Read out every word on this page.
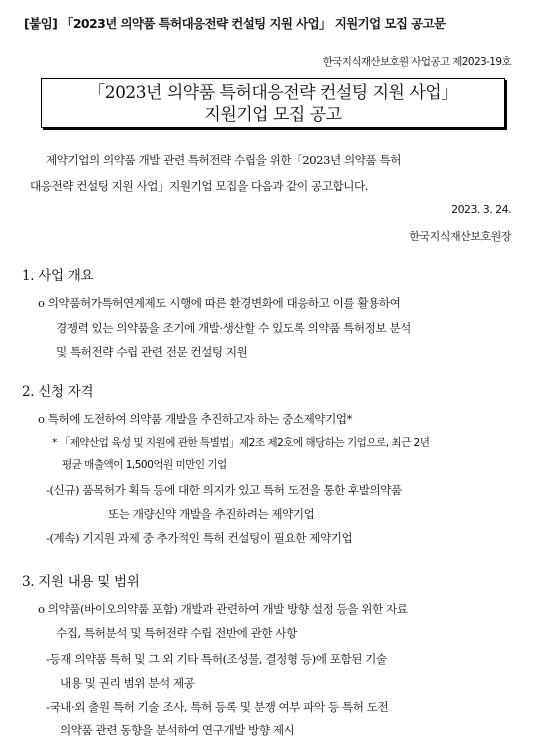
[붙임] 「2023년 의약품 특허대응전략 컨설팅 지원 사업」 지원기업 모집 공고문
한국지식재산보호원 사업공고 제2023-19호
「2023년 의약품 특허대응전략 컨설팅 지원 사업」
지원기업 모집 공고
제약기업의 의약품 개발 관련 특허전략 수립을 위한「2023년 의약품 특허
대응전략 컨설팅 지원 사업」지원기업 모집을 다음과 같이 공고합니다.
2023. 3. 24.
한국지식재산보호원장
1. 사업 개요
o 의약품허가특허연계제도 시행에 따른 환경변화에 대응하고 이를 활용하여
경쟁력 있는 의약품을 조기에 개발·생산할 수 있도록 의약품 특허정보 분석
및 특허전략 수립 관련 전문 컨설팅 지원
2. 신청 자격
o 특허에 도전하여 의약품 개발을 추진하고자 하는 중소제약기업*
* 「제약산업 육성 및 지원에 관한 특별법」제2조 제2호에 해당하는 기업으로, 최근 2년
평균 매출액이 1,500억원 미만인 기업
-(신규) 품목허가 획득 등에 대한 의지가 있고 특허 도전을 통한 후발의약품
또는 개량신약 개발을 추진하려는 제약기업
-(계속) 기지원 과제 중 추가적인 특허 컨설팅이 필요한 제약기업
3. 지원 내용 및 범위
o 의약품(바이오의약품 포함) 개발과 관련하여 개발 방향 설정 등을 위한 자료
수집, 특허분석 및 특허전략 수립 전반에 관한 사항
-등재 의약품 특허 및 그 외 기타 특허(조성물, 결정형 등)에 포함된 기술
내용 및 권리 범위 분석 제공
-국내·외 출원 특허 기술 조사, 특허 등록 및 분쟁 여부 파악 등 특허 도전
의약품 관련 동향을 분석하여 연구개발 방향 제시
